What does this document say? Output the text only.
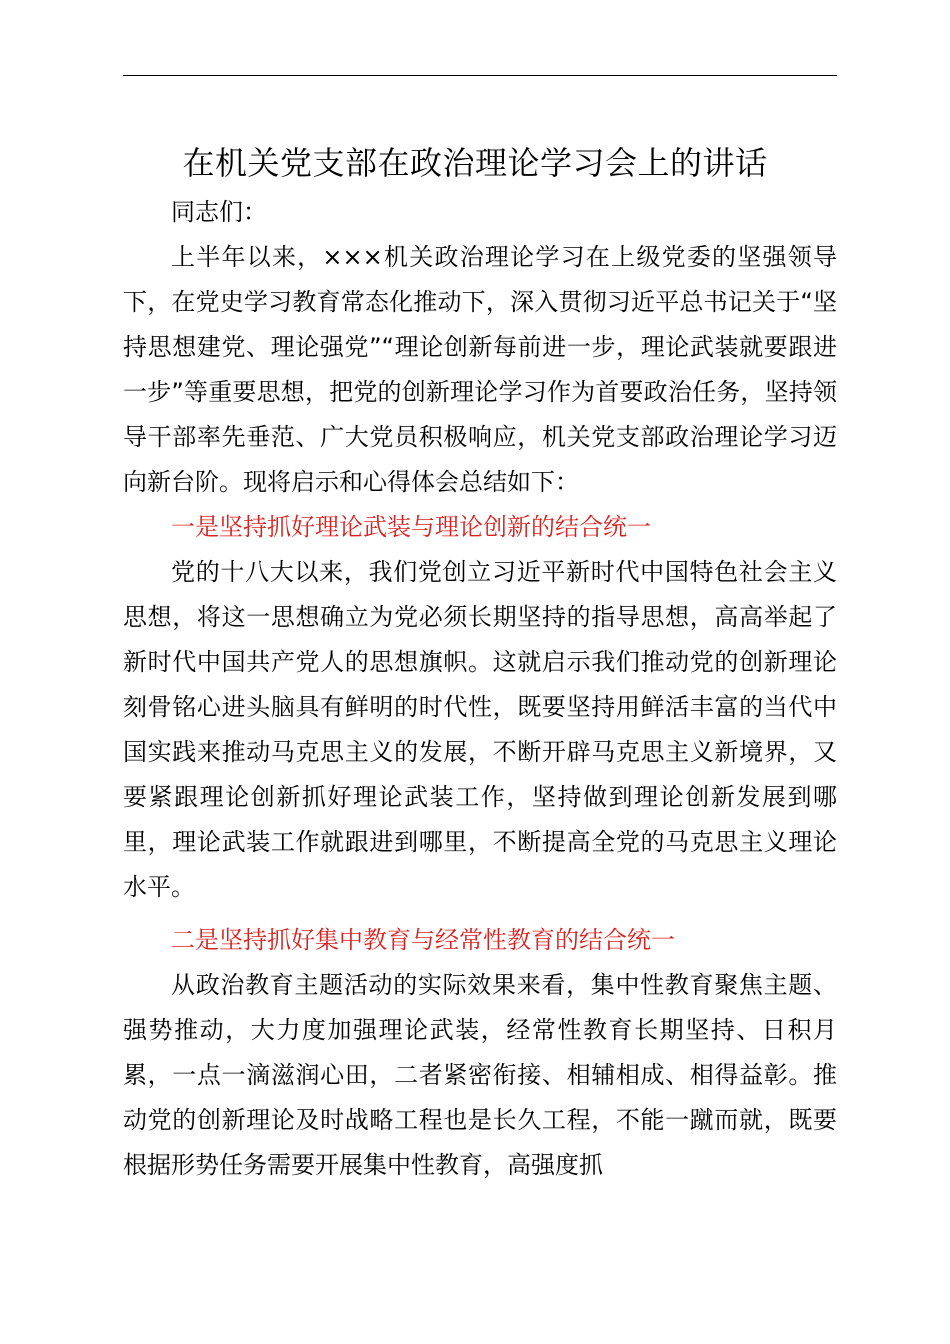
在机关党支部在政治理论学习会上的讲话

同志们：

上半年以来，×××机关政治理论学习在上级党委的坚强领导下，在党史学习教育常态化推动下，深入贯彻习近平总书记关于“坚持思想建党、理论强党”“理论创新每前进一步，理论武装就要跟进一步”等重要思想，把党的创新理论学习作为首要政治任务，坚持领导干部率先垂范、广大党员积极响应，机关党支部政治理论学习迈向新台阶。现将启示和心得体会总结如下：

一是坚持抓好理论武装与理论创新的结合统一

党的十八大以来，我们党创立习近平新时代中国特色社会主义思想，将这一思想确立为党必须长期坚持的指导思想，高高举起了新时代中国共产党人的思想旗帜。这就启示我们推动党的创新理论刻骨铭心进头脑具有鲜明的时代性，既要坚持用鲜活丰富的当代中国实践来推动马克思主义的发展，不断开辟马克思主义新境界，又要紧跟理论创新抓好理论武装工作，坚持做到理论创新发展到哪里，理论武装工作就跟进到哪里，不断提高全党的马克思主义理论水平。

二是坚持抓好集中教育与经常性教育的结合统一

从政治教育主题活动的实际效果来看，集中性教育聚焦主题、强势推动，大力度加强理论武装，经常性教育长期坚持、日积月累，一点一滴滋润心田，二者紧密衔接、相辅相成、相得益彰。推动党的创新理论及时战略工程也是长久工程，不能一蹴而就，既要根据形势任务需要开展集中性教育，高强度抓
